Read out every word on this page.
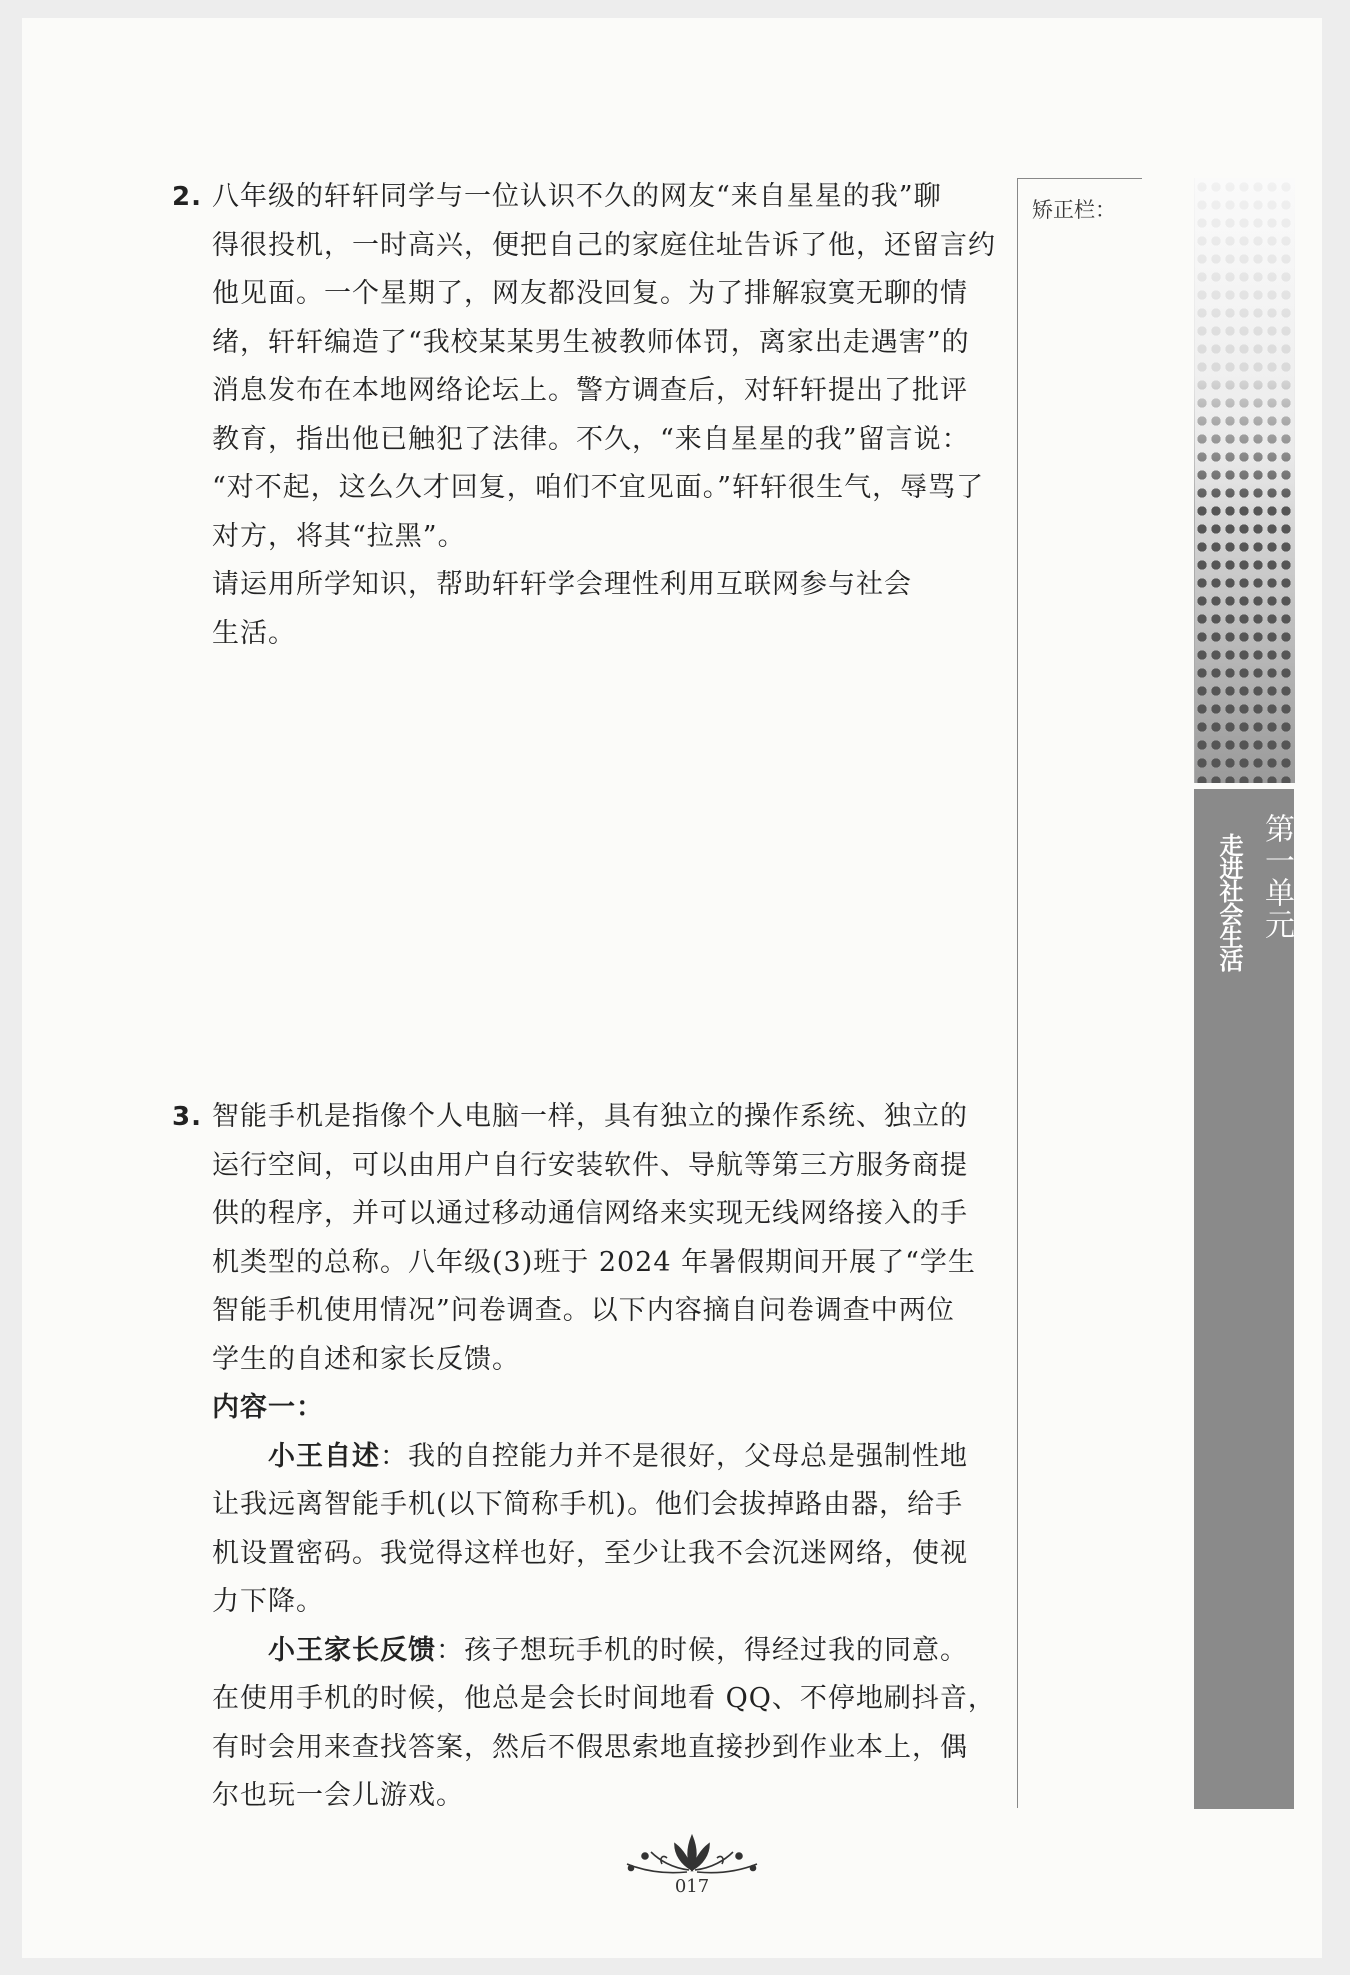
2. 八年级的轩轩同学与一位认识不久的网友“来自星星的我”聊

得很投机，一时高兴，便把自己的家庭住址告诉了他，还留言约

他见面。一个星期了，网友都没回复。为了排解寂寞无聊的情

绪，轩轩编造了“我校某某男生被教师体罚，离家出走遇害”的

消息发布在本地网络论坛上。警方调查后，对轩轩提出了批评

教育，指出他已触犯了法律。不久，“来自星星的我”留言说：

“对不起，这么久才回复，咱们不宜见面。”轩轩很生气，辱骂了

对方，将其“拉黑”。

请运用所学知识，帮助轩轩学会理性利用互联网参与社会

生活。

3. 智能手机是指像个人电脑一样，具有独立的操作系统、独立的

运行空间，可以由用户自行安装软件、导航等第三方服务商提

供的程序，并可以通过移动通信网络来实现无线网络接入的手

机类型的总称。八年级(3)班于 2024 年暑假期间开展了“学生

智能手机使用情况”问卷调查。以下内容摘自问卷调查中两位

学生的自述和家长反馈。

内容一：

小王自述：我的自控能力并不是很好，父母总是强制性地

让我远离智能手机(以下简称手机)。他们会拔掉路由器，给手

机设置密码。我觉得这样也好，至少让我不会沉迷网络，使视

力下降。

小王家长反馈：孩子想玩手机的时候，得经过我的同意。

在使用手机的时候，他总是会长时间地看 QQ、不停地刷抖音，

有时会用来查找答案，然后不假思索地直接抄到作业本上，偶

尔也玩一会儿游戏。

矫正栏：
第一单元
走进社会生活
017
